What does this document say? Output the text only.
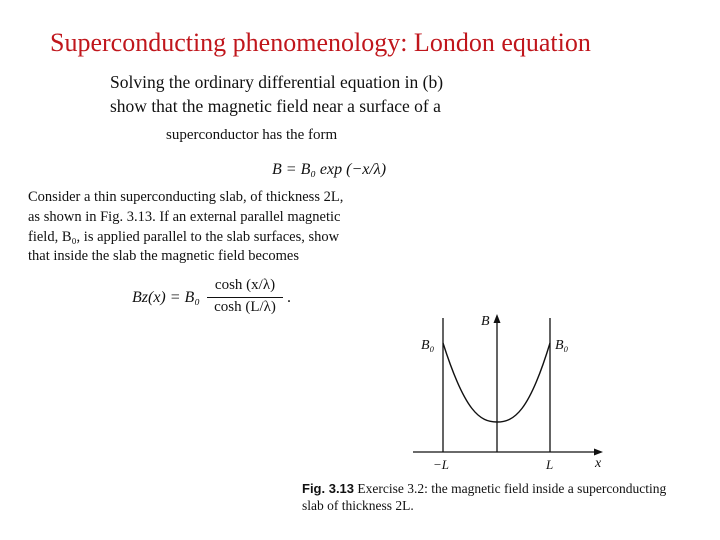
Superconducting phenomenology: London equation
Solving the ordinary differential equation in (b)
show that the magnetic field near a surface of a
superconductor has the form
B = B₀ exp (−x/λ)
Consider a thin superconducting slab, of thickness 2L,
as shown in Fig. 3.13. If an external parallel magnetic
field, B₀, is applied parallel to the slab surfaces, show
that inside the slab the magnetic field becomes
Bz(x) = B₀
cosh (x/λ)
cosh (L/λ)
.
B
B₀	B₀
−L	L	x
Fig. 3.13 Exercise 3.2: the magnetic field inside a superconducting
slab of thickness 2L.
